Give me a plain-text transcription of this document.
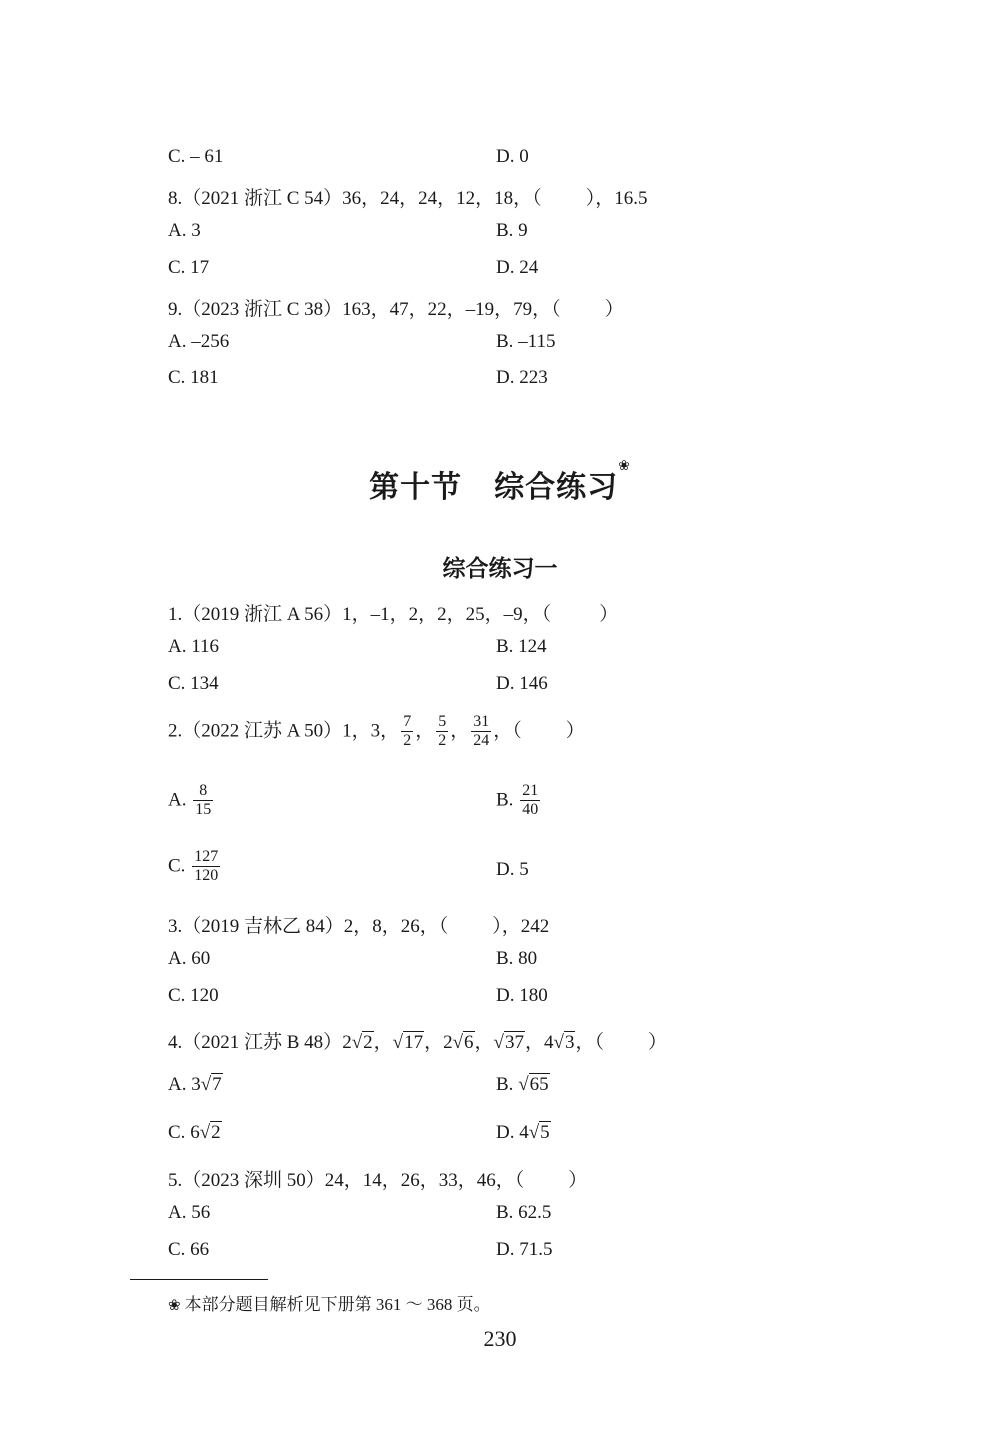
C. – 61	D. 0
8.（2021 浙江 C 54）36，24，24，12，18，（ ），16.5
A. 3	B. 9
C. 17	D. 24
9.（2023 浙江 C 38）163，47，22，–19，79，（ ）
A. –256	B. –115
C. 181	D. 223
第十节 综合练习❀
综合练习一
1.（2019 浙江 A 56）1，–1，2，2，25，–9，（	）
A. 116	B. 124
C. 134	D. 146
2.（2022 江苏 A 50）1，3， $\frac{7}{2}$ ， $\frac{5}{2}$ ， $\frac{31}{24}$ ，（ ）
A. $\frac{8}{15}$	B. $\frac{21}{40}$
C. $\frac{127}{120}$	D. 5
3.（2019 吉林乙 84）2，8，26，（ ），242
A. 60	B. 80
C. 120	D. 180
4.（2021 江苏 B 48）2√2，√17，2√6，√37，4√3，（ ）
A. 3√7	B. √65
C. 6√2	D. 4√5
5.（2023 深圳 50）24，14，26，33，46，（ ）
A. 56	B. 62.5
C. 66	D. 71.5
❀ 本部分题目解析见下册第 361 ～ 368 页。
230
